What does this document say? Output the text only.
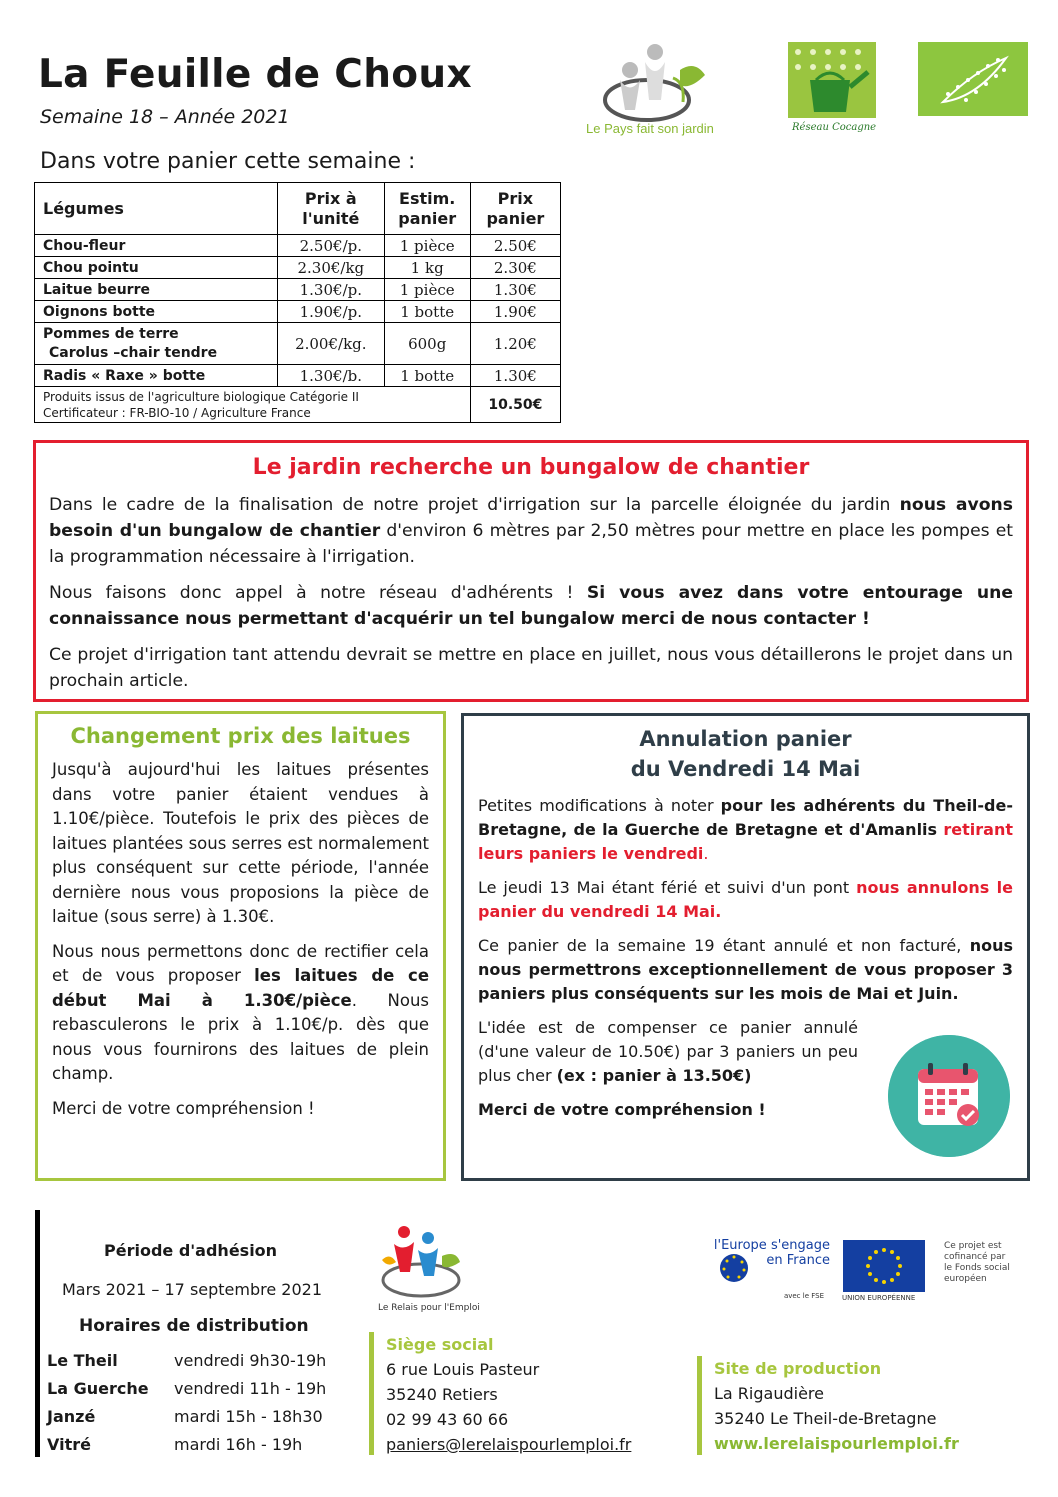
La Feuille de Choux
Semaine 18 – Année 2021
Dans votre panier cette semaine :
Le Pays fait son jardin	Réseau Cocagne
Légumes	Prix à l'unité	Estim. panier	Prix panier
Chou-fleur	2.50€/p.	1 pièce	2.50€
Chou pointu	2.30€/kg	1 kg	2.30€
Laitue beurre	1.30€/p.	1 pièce	1.30€
Oignons botte	1.90€/p.	1 botte	1.90€

Pommes de terre
Carolus –chair tendre	2.00€/kg.	600g	1.20€
Radis « Raxe » botte	1.30€/b.	1 botte	1.30€

Produits issus de l'agriculture biologique Catégorie II
Certificateur : FR-BIO-10 / Agriculture France			10.50€
Le jardin recherche un bungalow de chantier

Dans le cadre de la finalisation de notre projet d'irrigation sur la parcelle éloignée du jardin nous avons besoin d'un bungalow de chantier d'environ 6 mètres par 2,50 mètres pour mettre en place les pompes et la programmation nécessaire à l'irrigation.

Nous faisons donc appel à notre réseau d'adhérents ! Si vous avez dans votre entourage une connaissance nous permettant d'acquérir un tel bungalow merci de nous contacter !

Ce projet d'irrigation tant attendu devrait se mettre en place en juillet, nous vous détaillerons le projet dans un prochain article.

Changement prix des laitues

Jusqu'à aujourd'hui les laitues présentes dans votre panier étaient vendues à 1.10€/pièce. Toutefois le prix des pièces de laitues plantées sous serres est normalement plus conséquent sur cette période, l'année dernière nous vous proposions la pièce de laitue (sous serre) à 1.30€.

Nous nous permettons donc de rectifier cela et de vous proposer les laitues de ce début Mai à 1.30€/pièce. Nous rebasculerons le prix à 1.10€/p. dès que nous vous fournirons des laitues de plein champ.

Merci de votre compréhension !

Annulation panier
du Vendredi 14 Mai

Petites modifications à noter pour les adhérents du Theil-de-Bretagne, de la Guerche de Bretagne et d'Amanlis retirant leurs paniers le vendredi.

Le jeudi 13 Mai étant férié et suivi d'un pont nous annulons le panier du vendredi 14 Mai.

Ce panier de la semaine 19 étant annulé et non facturé, nous nous permettrons exceptionnellement de vous proposer 3 paniers plus conséquents sur les mois de Mai et Juin.

L'idée est de compenser ce panier annulé (d'une valeur de 10.50€) par 3 paniers un peu plus cher (ex : panier à 13.50€)

Merci de votre compréhension !

Période d'adhésion
Mars 2021 – 17 septembre 2021
Horaires de distribution
Le Theil	vendredi 9h30-19h
La Guerche vendredi 11h - 19h
Janzé	mardi 15h - 18h30
Vitré	mardi 16h - 19h
Le Relais pour l'Emploi
Siège social
6 rue Louis Pasteur
35240 Retiers
02 99 43 60 66
paniers@lerelaispourlemploi.fr
Site de production
La Rigaudière
35240 Le Theil-de-Bretagne
www.lerelaispourlemploi.fr
l'Europe s'engage en France
avec le FSE	UNION EUROPÉENNE
Ce projet est cofinancé par le Fonds social européen
